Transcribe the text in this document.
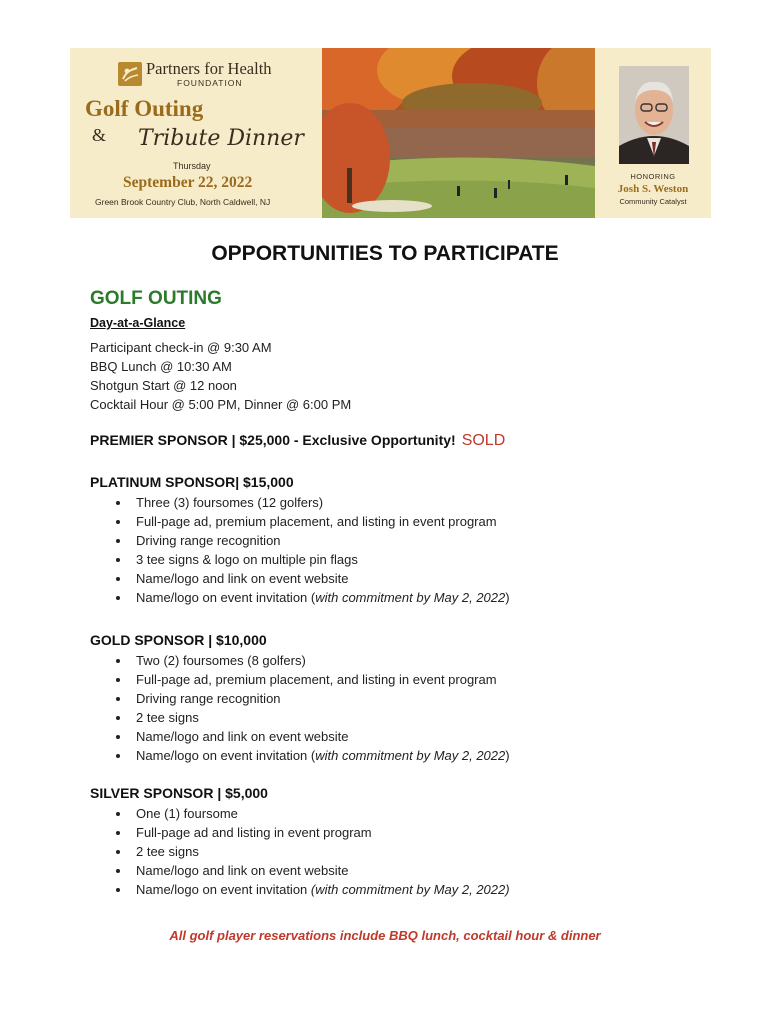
Partners for Health
FOUNDATION
Golf Outing
& Tribute Dinner
Thursday
September 22, 2022
Green Brook Country Club, North Caldwell, NJ
HONORING
Josh S. Weston
Community Catalyst
OPPORTUNITIES TO PARTICIPATE
GOLF OUTING
Day-at-a-Glance
Participant check-in @ 9:30 AM
BBQ Lunch @ 10:30 AM
Shotgun Start @ 12 noon
Cocktail Hour @ 5:00 PM, Dinner @ 6:00 PM
PREMIER SPONSOR | $25,000 - Exclusive Opportunity! SOLD
PLATINUM SPONSOR| $15,000
Three (3) foursomes (12 golfers)
Full-page ad, premium placement, and listing in event program
Driving range recognition
3 tee signs & logo on multiple pin flags
Name/logo and link on event website
Name/logo on event invitation (with commitment by May 2, 2022)
GOLD SPONSOR | $10,000
Two (2) foursomes (8 golfers)
Full-page ad, premium placement, and listing in event program
Driving range recognition
2 tee signs
Name/logo and link on event website
Name/logo on event invitation (with commitment by May 2, 2022)
SILVER SPONSOR | $5,000
One (1) foursome
Full-page ad and listing in event program
2 tee signs
Name/logo and link on event website
Name/logo on event invitation (with commitment by May 2, 2022)
All golf player reservations include BBQ lunch, cocktail hour & dinner
